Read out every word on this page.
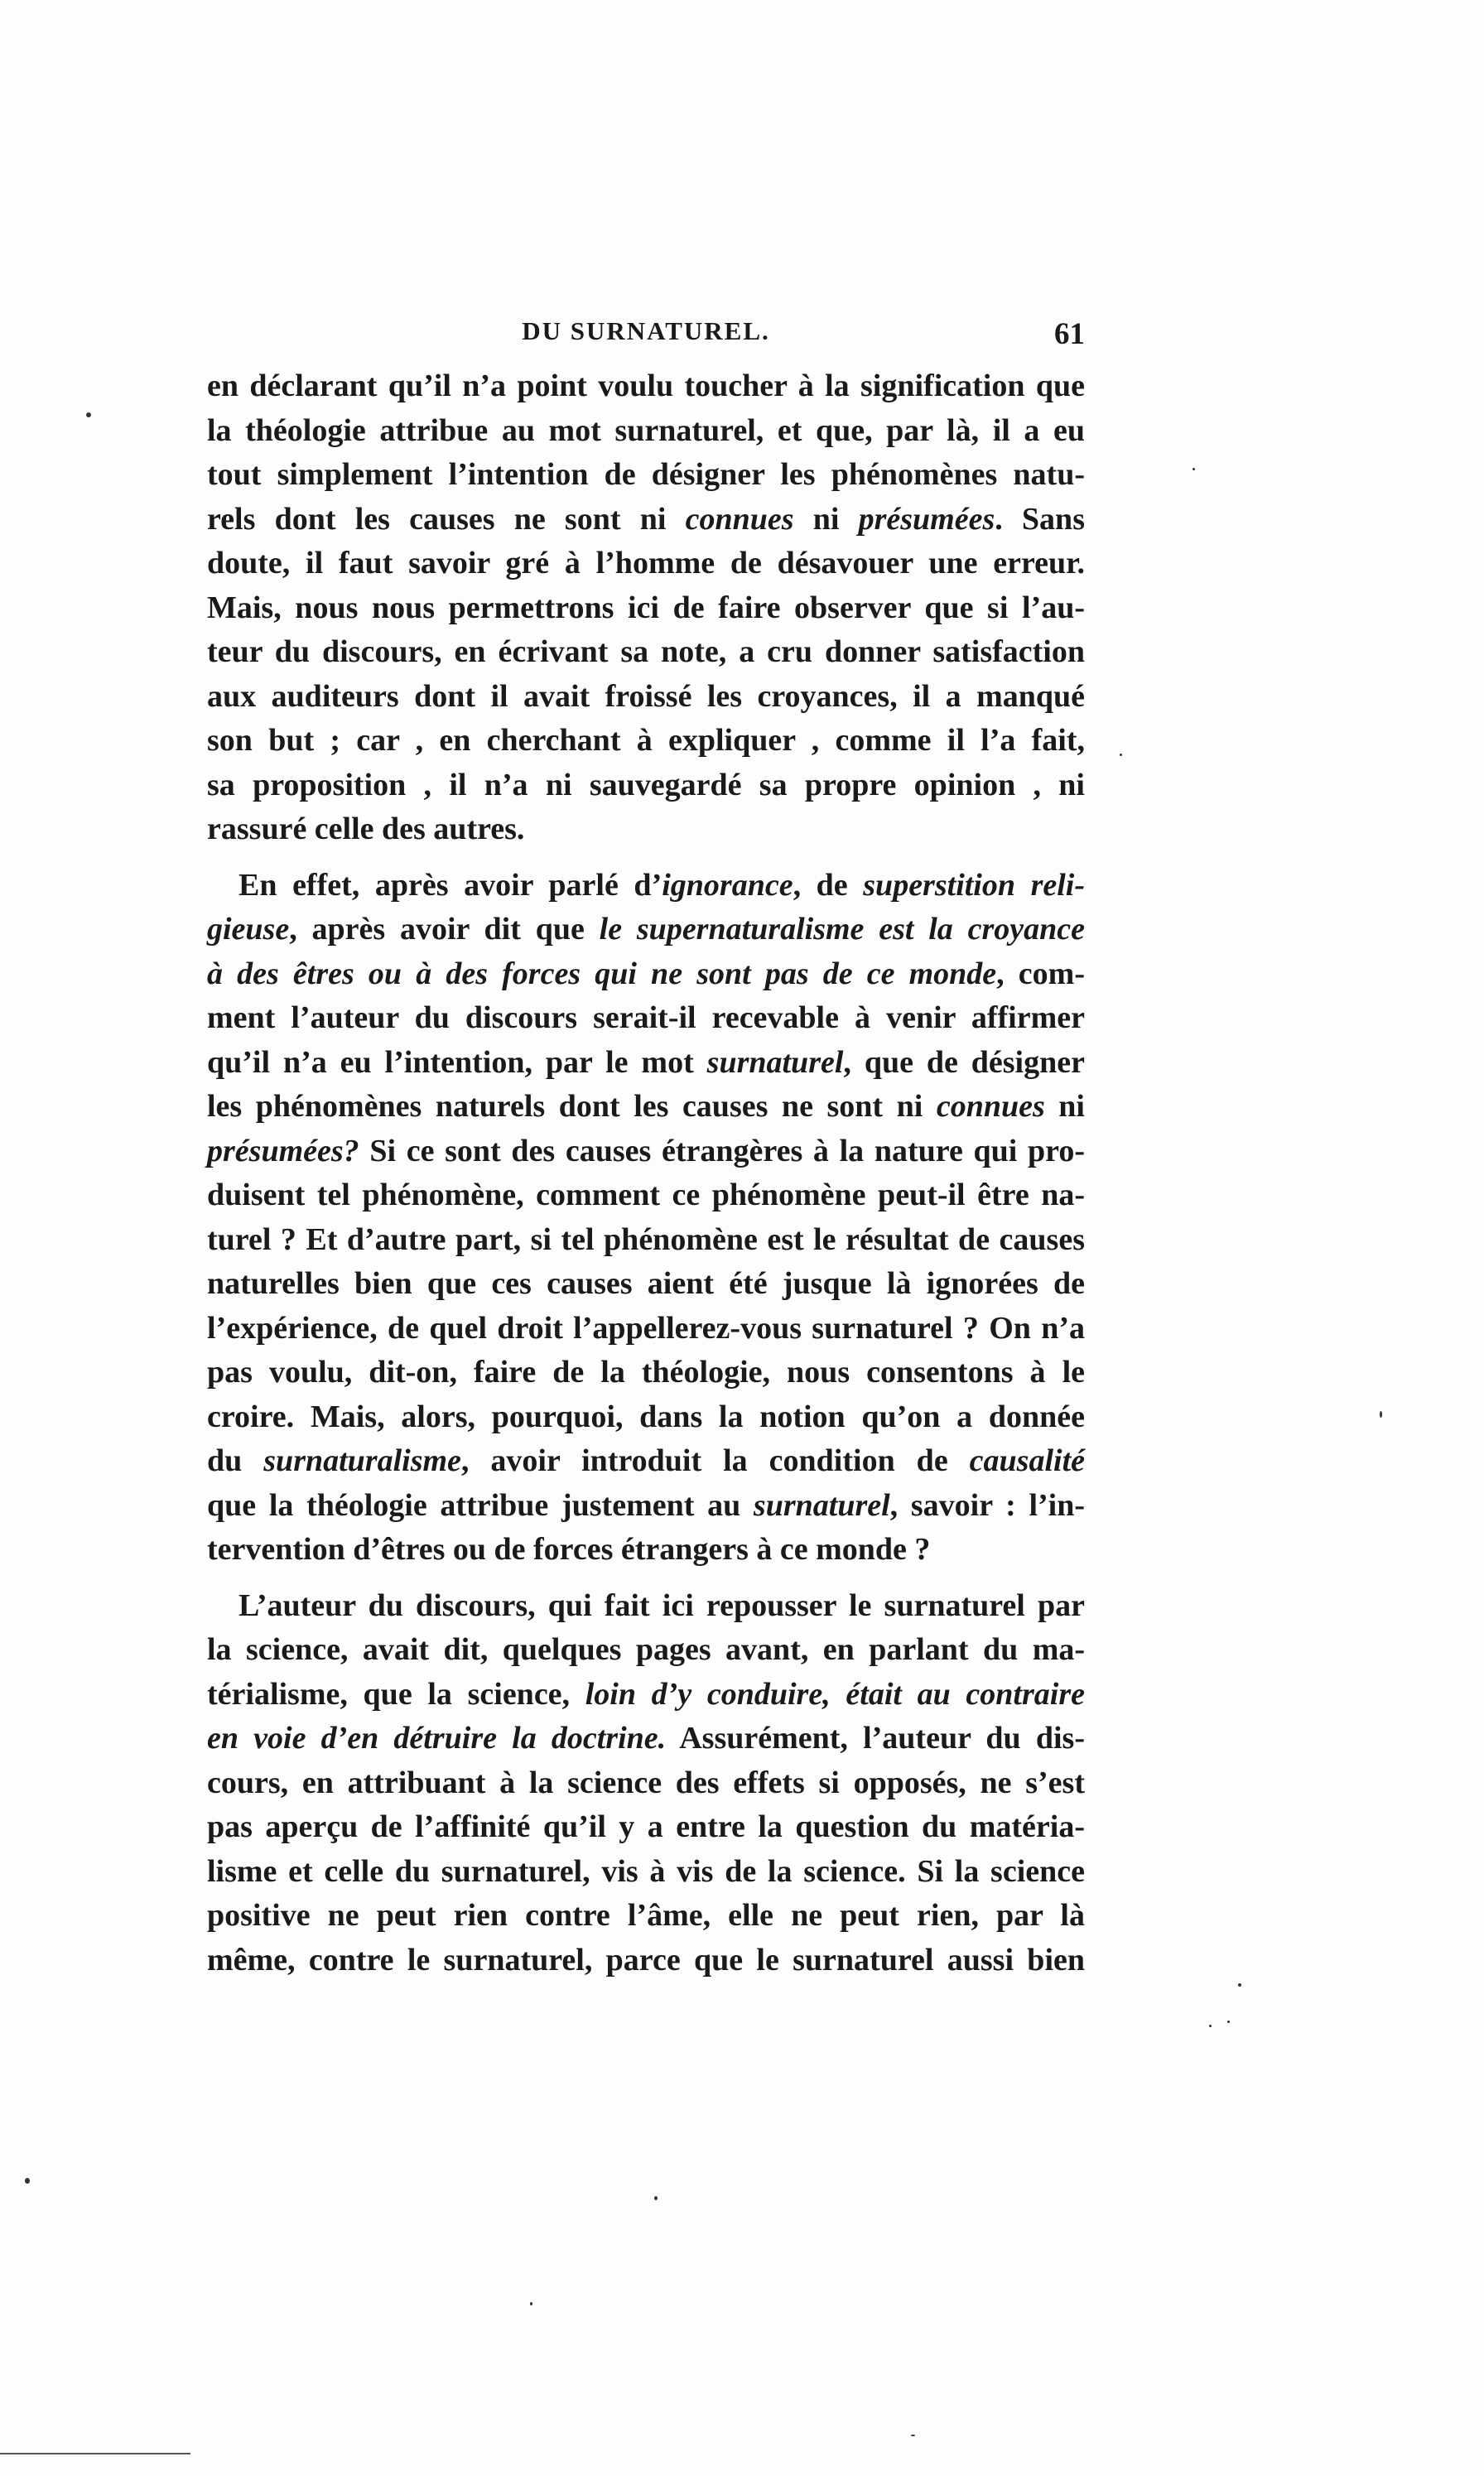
DU SURNATUREL.	61
en déclarant qu’il n’a point voulu toucher à la signification que
la théologie attribue au mot surnaturel, et que, par là, il a eu
tout simplement l’intention de désigner les phénomènes natu-
rels dont les causes ne sont ni connues ni présumées. Sans
doute, il faut savoir gré à l’homme de désavouer une erreur.
Mais, nous nous permettrons ici de faire observer que si l’au-
teur du discours, en écrivant sa note, a cru donner satisfaction
aux auditeurs dont il avait froissé les croyances, il a manqué
son but ; car , en cherchant à expliquer , comme il l’a fait,
sa proposition , il n’a ni sauvegardé sa propre opinion , ni
rassuré celle des autres.
En effet, après avoir parlé d’ignorance, de superstition reli-
gieuse, après avoir dit que le supernaturalisme est la croyance
à des êtres ou à des forces qui ne sont pas de ce monde, com-
ment l’auteur du discours serait-il recevable à venir affirmer
qu’il n’a eu l’intention, par le mot surnaturel, que de désigner
les phénomènes naturels dont les causes ne sont ni connues ni
présumées? Si ce sont des causes étrangères à la nature qui pro-
duisent tel phénomène, comment ce phénomène peut-il être na-
turel ? Et d’autre part, si tel phénomène est le résultat de causes
naturelles bien que ces causes aient été jusque là ignorées de
l’expérience, de quel droit l’appellerez-vous surnaturel ? On n’a
pas voulu, dit-on, faire de la théologie, nous consentons à le
croire. Mais, alors, pourquoi, dans la notion qu’on a donnée
du surnaturalisme, avoir introduit la condition de causalité
que la théologie attribue justement au surnaturel, savoir : l’in-
tervention d’êtres ou de forces étrangers à ce monde ?
L’auteur du discours, qui fait ici repousser le surnaturel par
la science, avait dit, quelques pages avant, en parlant du ma-
térialisme, que la science, loin d’y conduire, était au contraire
en voie d’en détruire la doctrine. Assurément, l’auteur du dis-
cours, en attribuant à la science des effets si opposés, ne s’est
pas aperçu de l’affinité qu’il y a entre la question du matéria-
lisme et celle du surnaturel, vis à vis de la science. Si la science
positive ne peut rien contre l’âme, elle ne peut rien, par là
même, contre le surnaturel, parce que le surnaturel aussi bien
